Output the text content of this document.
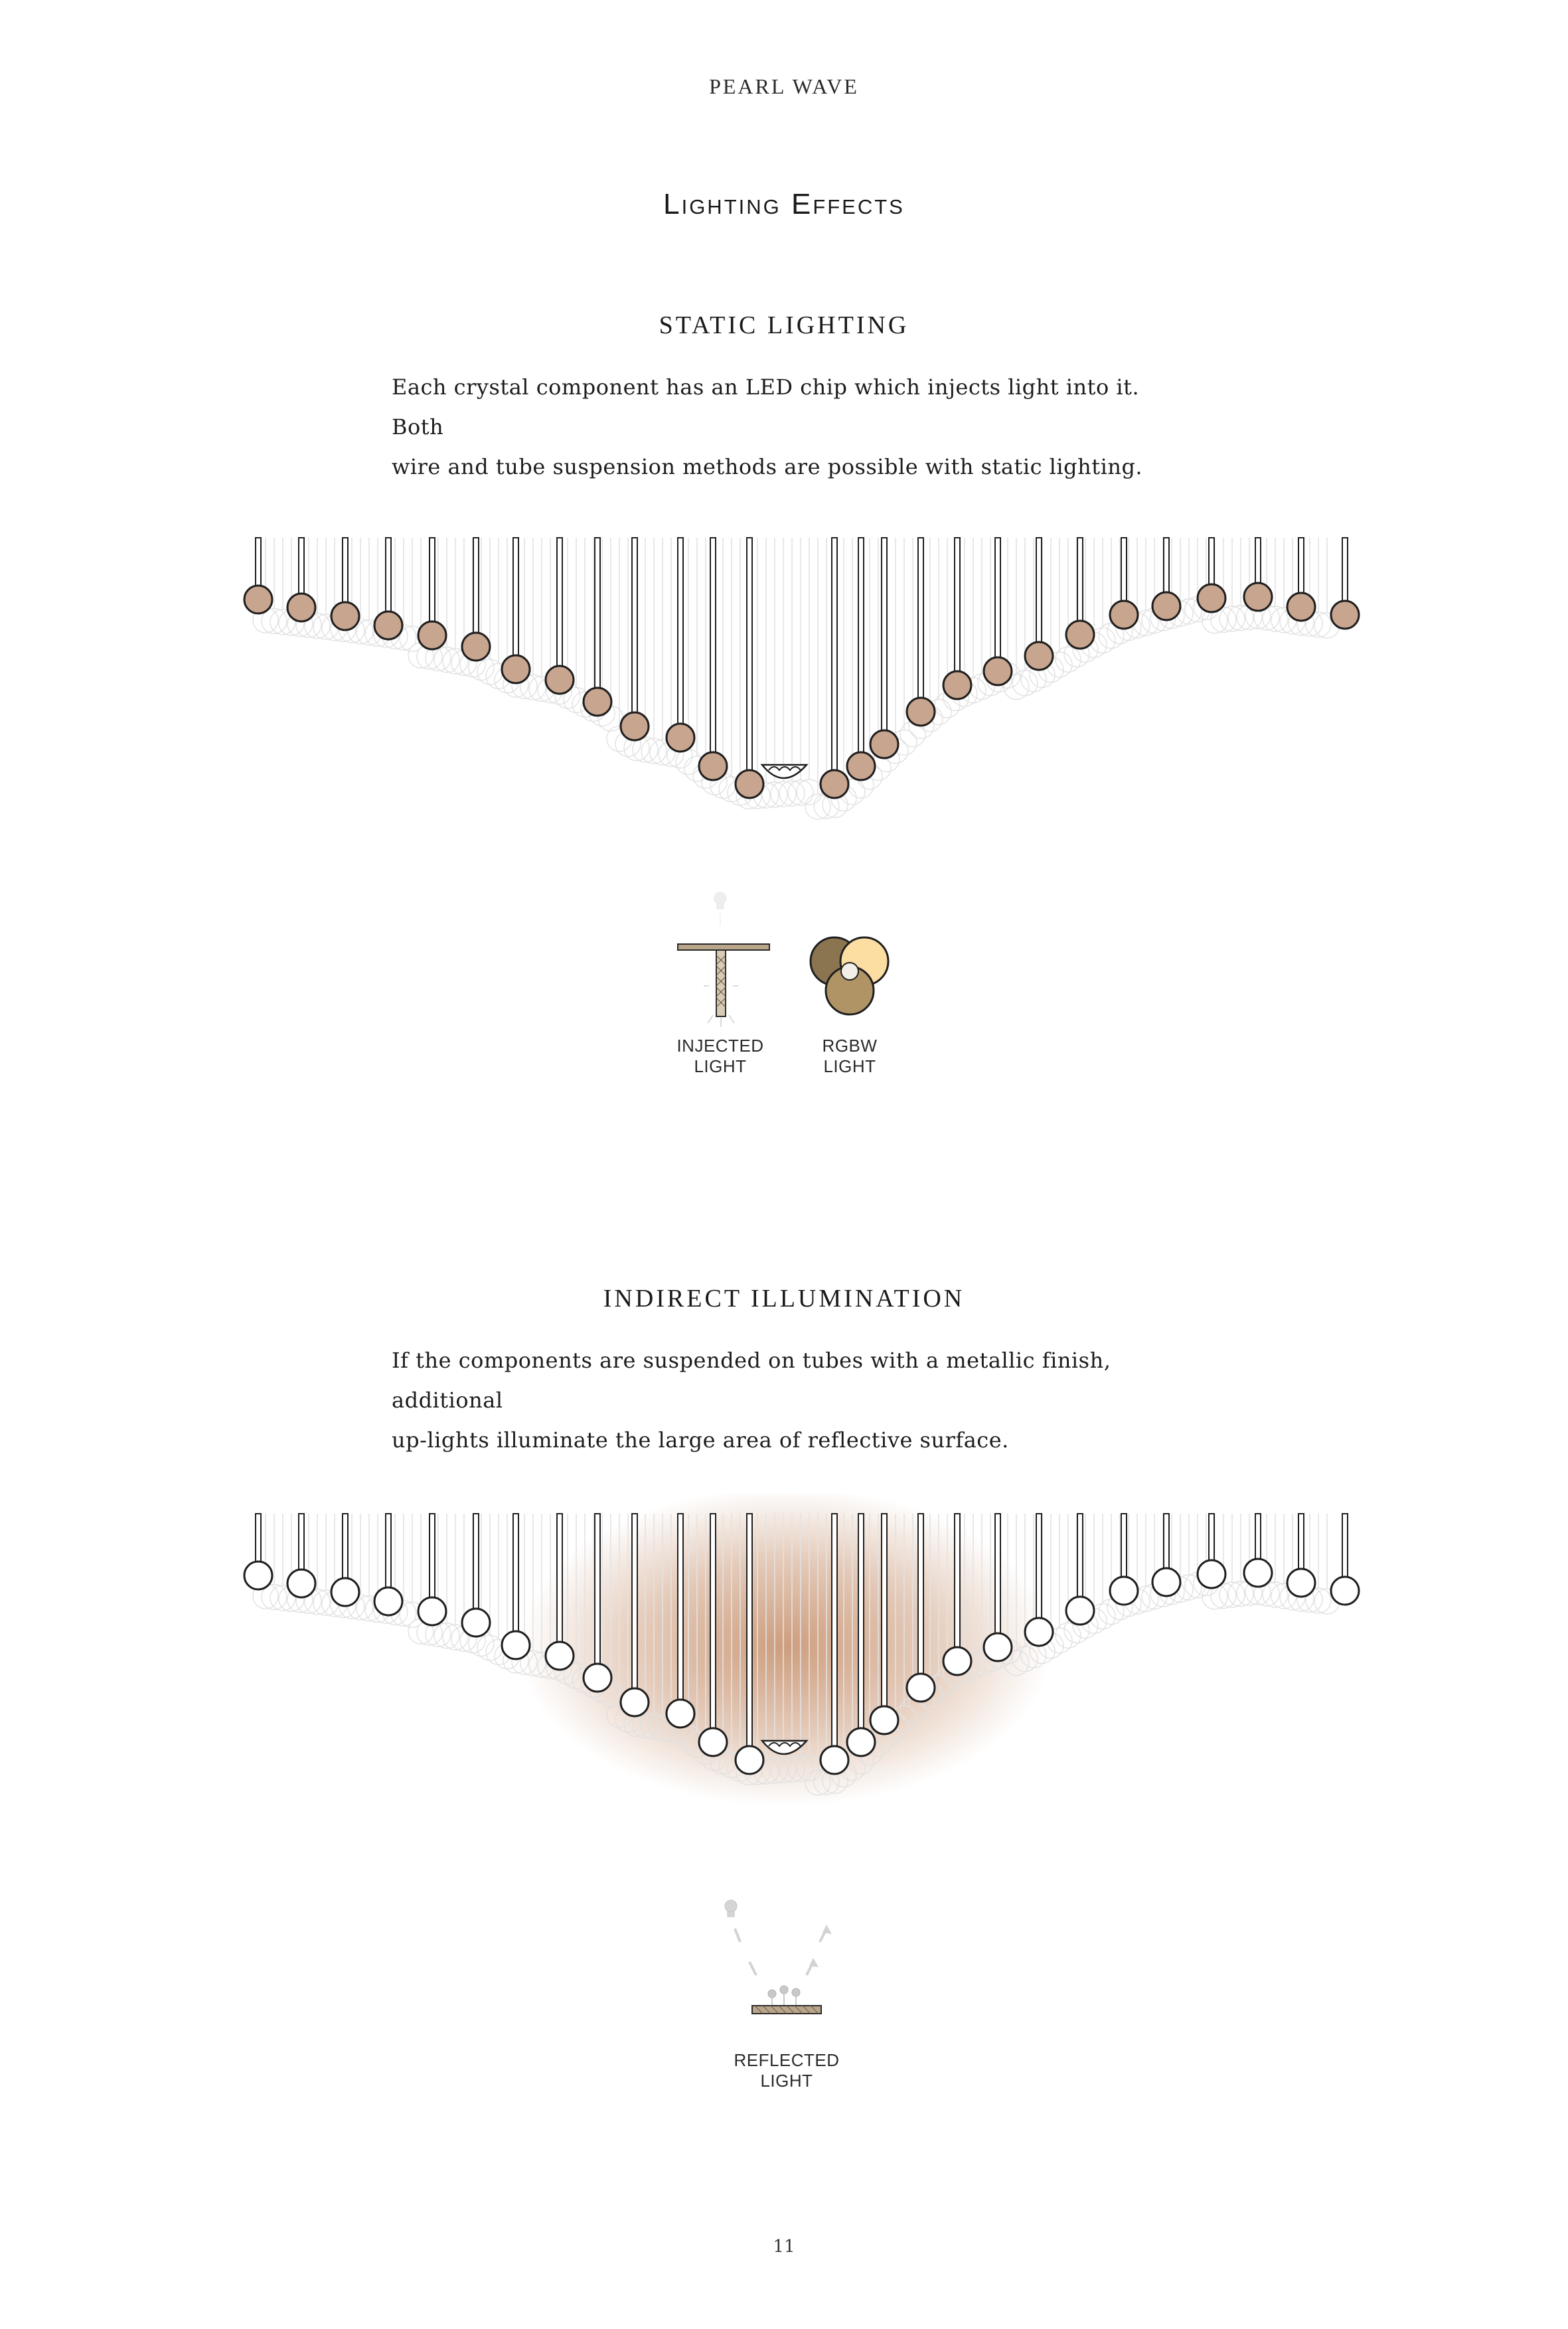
PEARL WAVE
Lighting Effects
STATIC LIGHTING
Each crystal component has an LED chip which injects light into it. Both
wire and tube suspension methods are possible with static lighting.
INJECTED
LIGHT
RGBW
LIGHT
INDIRECT ILLUMINATION
If the components are suspended on tubes with a metallic finish, additional
up-lights illuminate the large area of reflective surface.
REFLECTED
LIGHT
11
